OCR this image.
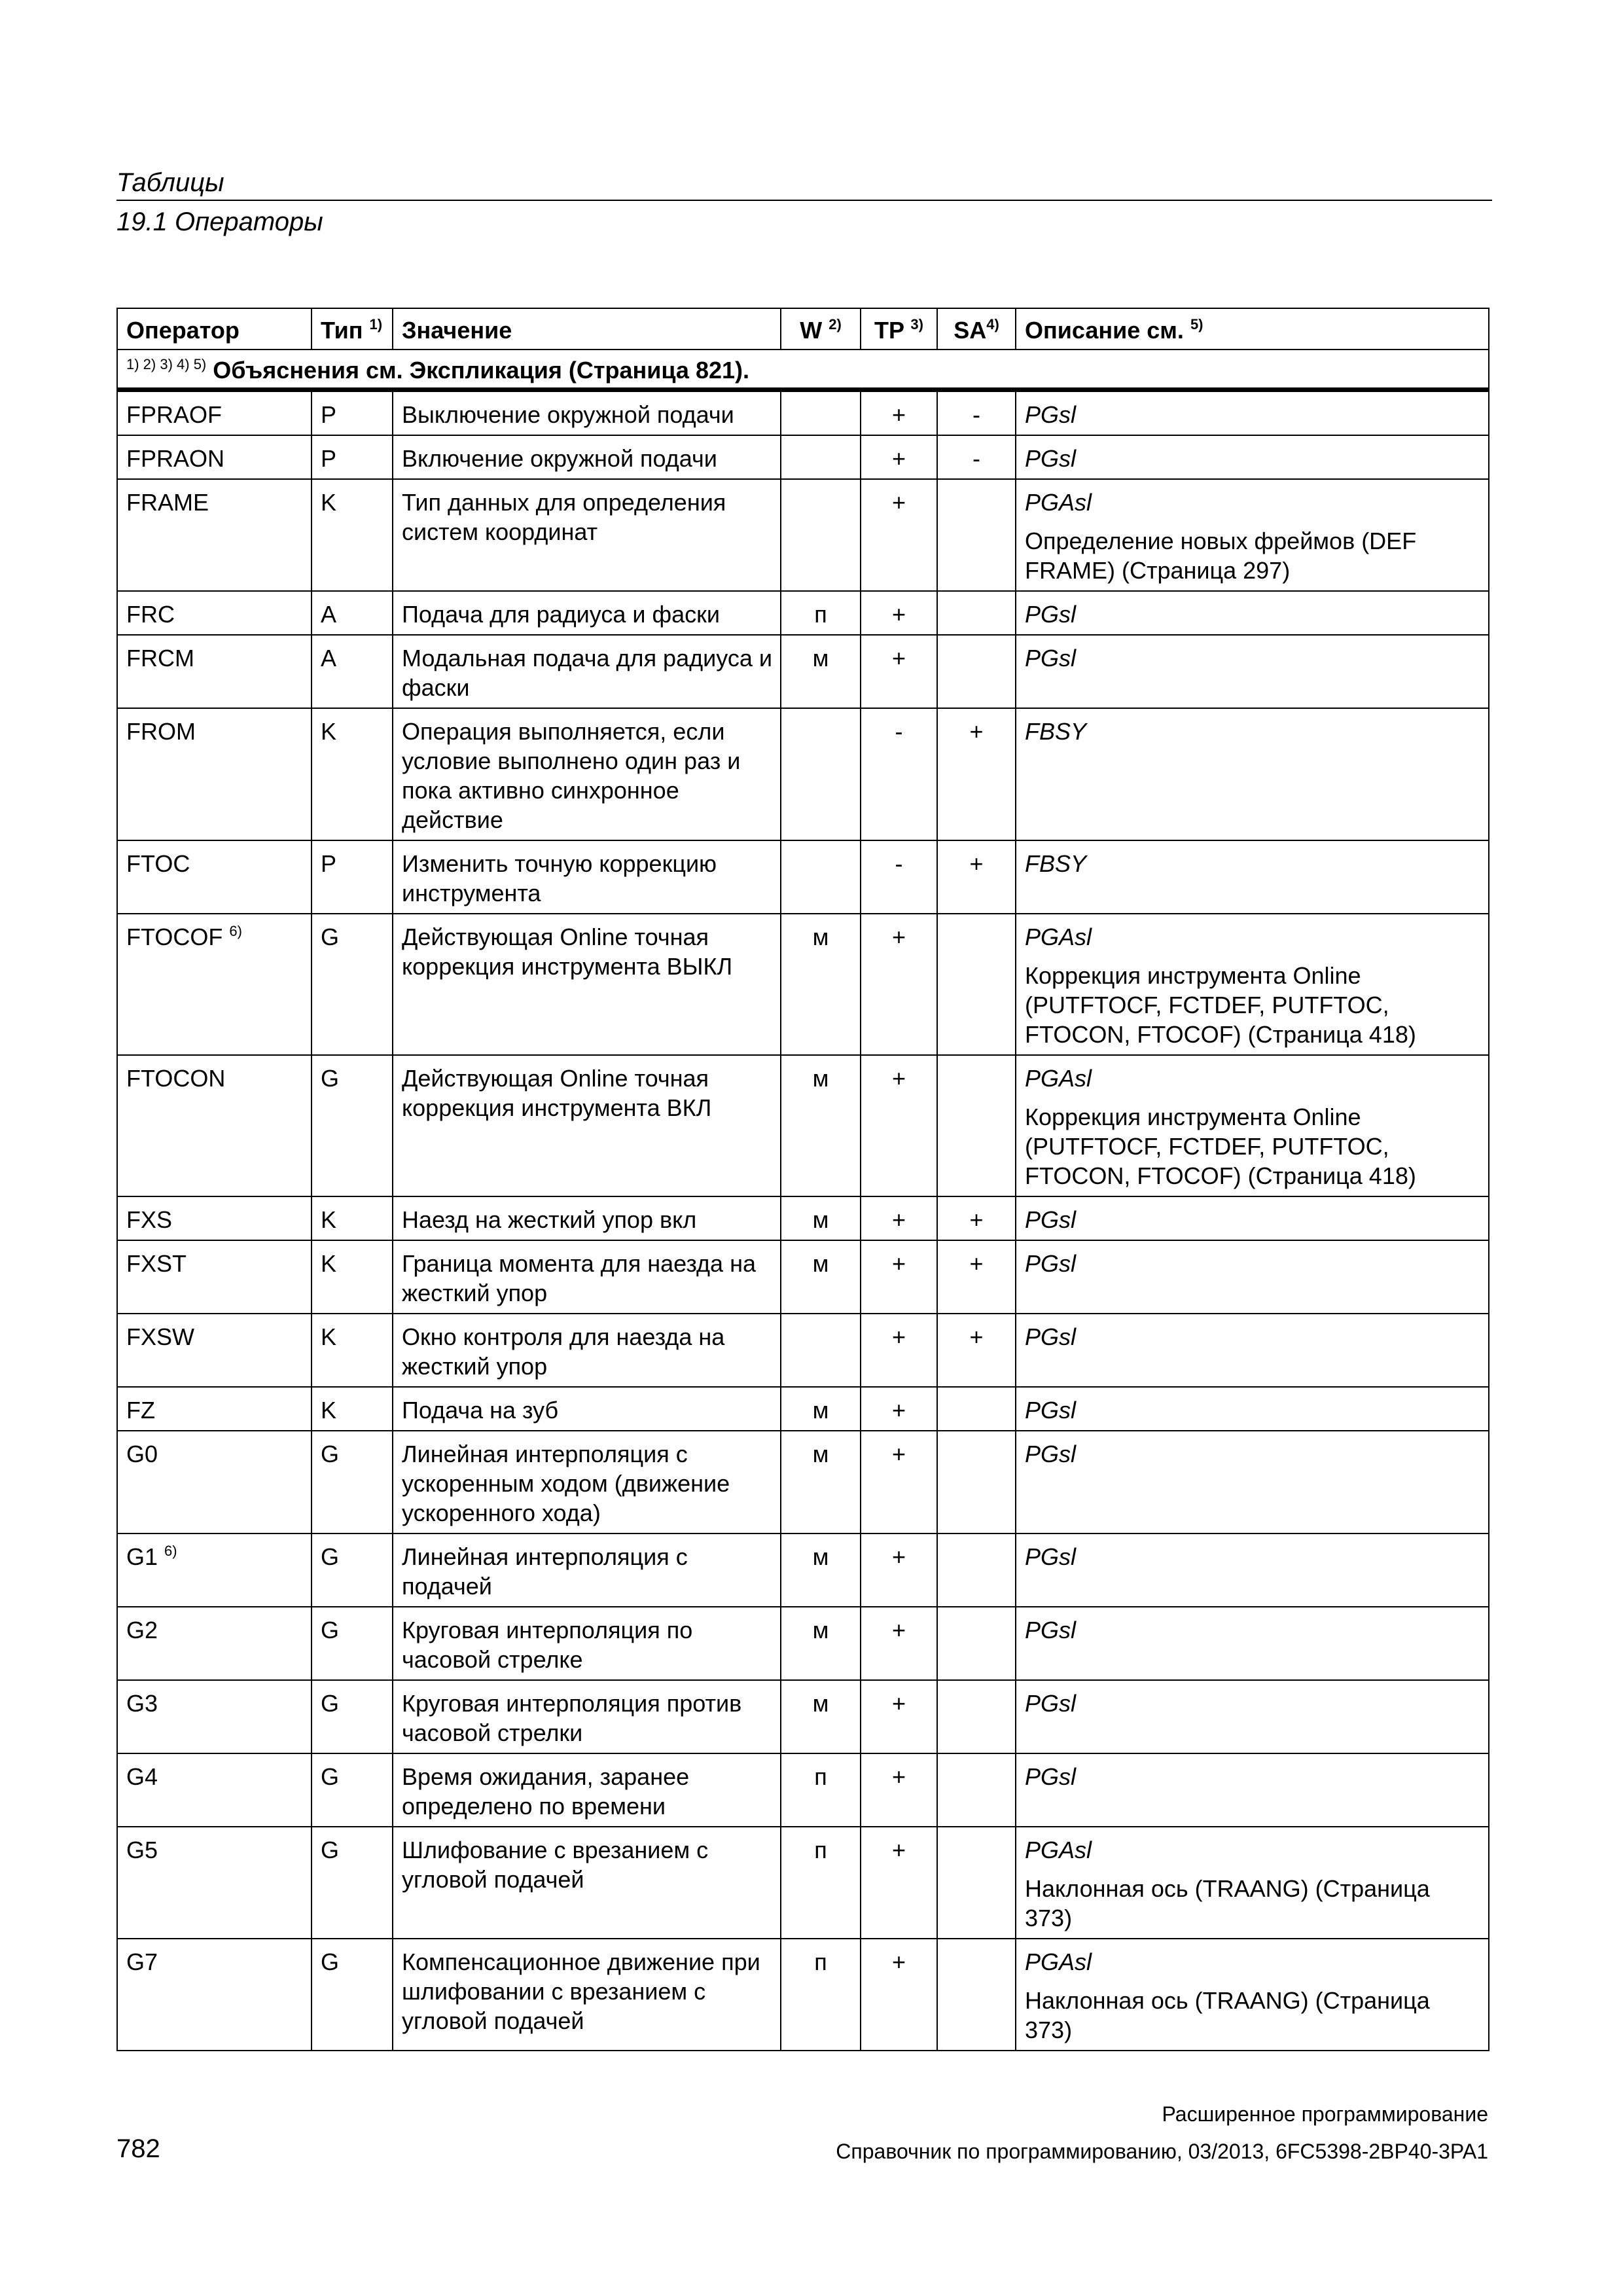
Таблицы
19.1 Операторы
Оператор	Тип $^{1)}$	Значение	W $^{2)}$	TP $^{3)}$	SA$^{4)}$	Описание см. $^{5)}$
$^{1) 2) 3) 4) 5)}$ Объяснения см. Экспликация (Страница 821).						
FPRAOF	P	Выключение окружной подачи		+	-	PGsl

FPRAON	P	Включение окружной подачи		+	-	PGsl

FRAME	K	Тип данных для определения систем координат		+		PGAsl
Определение новых фреймов (DEF FRAME) (Страница 297)

FRC	A	Подача для радиуса и фаски	п	+		PGsl

FRCM	A	Модальная подача для радиуса и фаски	м	+		PGsl

FROM	K	Операция выполняется, если условие выполнено один раз и пока активно синхронное действие		-	+	FBSY

FTOC	P	Изменить точную коррекцию инструмента		-	+	FBSY

FTOCOF $^{6)}$	G	Действующая Online точная коррекция инструмента ВЫКЛ	м	+		PGAsl
Коррекция инструмента Online (PUTFTOCF, FCTDEF, PUTFTOC, FTOCON, FTOCOF) (Страница 418)

FTOCON	G	Действующая Online точная коррекция инструмента ВКЛ	м	+		PGAsl
Коррекция инструмента Online (PUTFTOCF, FCTDEF, PUTFTOC, FTOCON, FTOCOF) (Страница 418)

FXS	K	Наезд на жесткий упор вкл	м	+	+	PGsl

FXST	K	Граница момента для наезда на жесткий упор	м	+	+	PGsl

FXSW	K	Окно контроля для наезда на жесткий упор		+	+	PGsl

FZ	K	Подача на зуб	м	+		PGsl

G0	G	Линейная интерполяция с ускоренным ходом (движение ускоренного хода)	м	+		PGsl

G1 $^{6)}$	G	Линейная интерполяция с подачей	м	+		PGsl

G2	G	Круговая интерполяция по часовой стрелке	м	+		PGsl

G3	G	Круговая интерполяция против часовой стрелки	м	+		PGsl

G4	G	Время ожидания, заранее определено по времени	п	+		PGsl

G5	G	Шлифование с врезанием с угловой подачей	п	+		PGAsl
Наклонная ось (TRAANG) (Страница 373)

G7	G	Компенсационное движение при шлифовании с врезанием с угловой подачей	п	+		PGAsl
Наклонная ось (TRAANG) (Страница 373)
Расширенное программирование
782	Справочник по программированию, 03/2013, 6FC5398-2BP40-3PA1
